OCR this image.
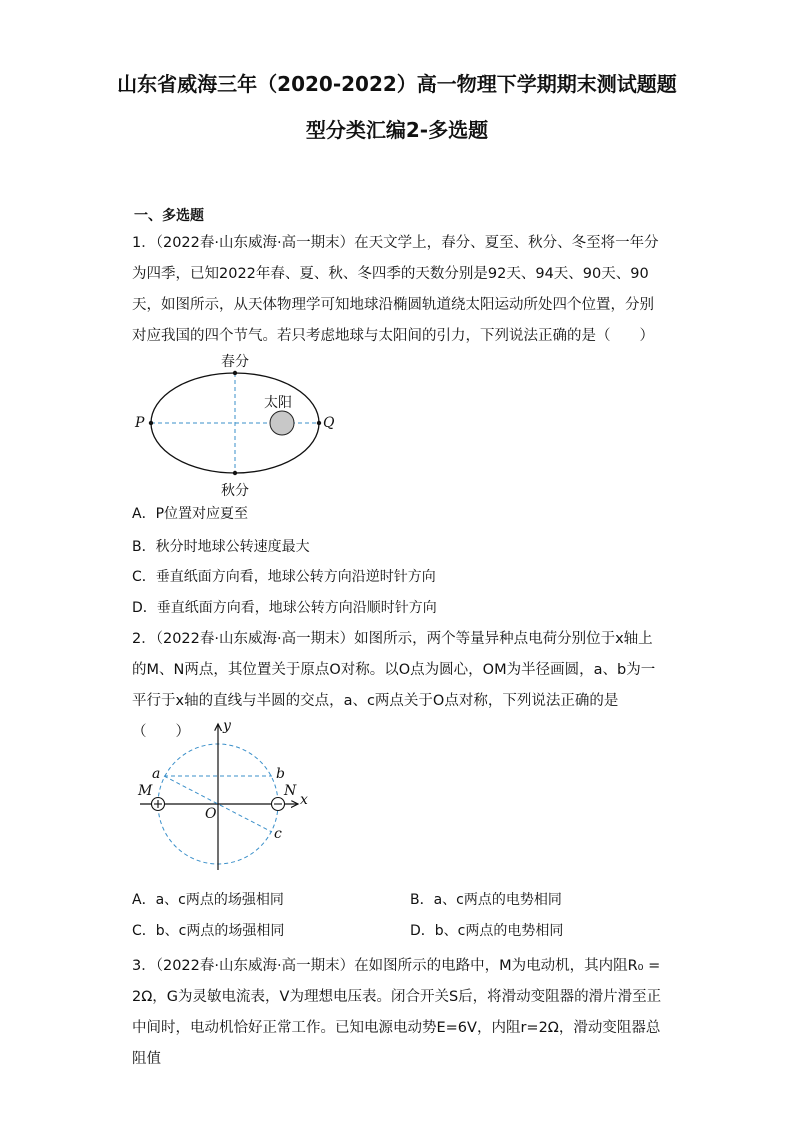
山东省威海三年（2020-2022）高一物理下学期期末测试题题
型分类汇编2-多选题
一、多选题
1．（2022春·山东威海·高一期末）在天文学上，春分、夏至、秋分、冬至将一年分为四季，已知2022年春、夏、秋、冬四季的天数分别是92天、94天、90天、90天，如图所示，从天体物理学可知地球沿椭圆轨道绕太阳运动所处四个位置，分别对应我国的四个节气。若只考虑地球与太阳间的引力，下列说法正确的是（　　）
春分
秋分
P	Q
太阳
A．P位置对应夏至
B．秋分时地球公转速度最大
C．垂直纸面方向看，地球公转方向沿逆时针方向
D．垂直纸面方向看，地球公转方向沿顺时针方向
2．（2022春·山东威海·高一期末）如图所示，两个等量异种点电荷分别位于x轴上的M、N两点，其位置关于原点O对称。以O点为圆心，OM为半径画圆，a、b为一平行于x轴的直线与半圆的交点，a、c两点关于O点对称，下列说法正确的是（　　）	y
x
a	b
c
M	N
O
A．a、c两点的场强相同	B．a、c两点的电势相同
C．b、c两点的场强相同	D．b、c两点的电势相同
3．（2022春·山东威海·高一期末）在如图所示的电路中，M为电动机，其内阻R₀ = 2Ω，G为灵敏电流表，V为理想电压表。闭合开关S后，将滑动变阻器的滑片滑至正中间时，电动机恰好正常工作。已知电源电动势E=6V，内阻r=2Ω，滑动变阻器总阻值
